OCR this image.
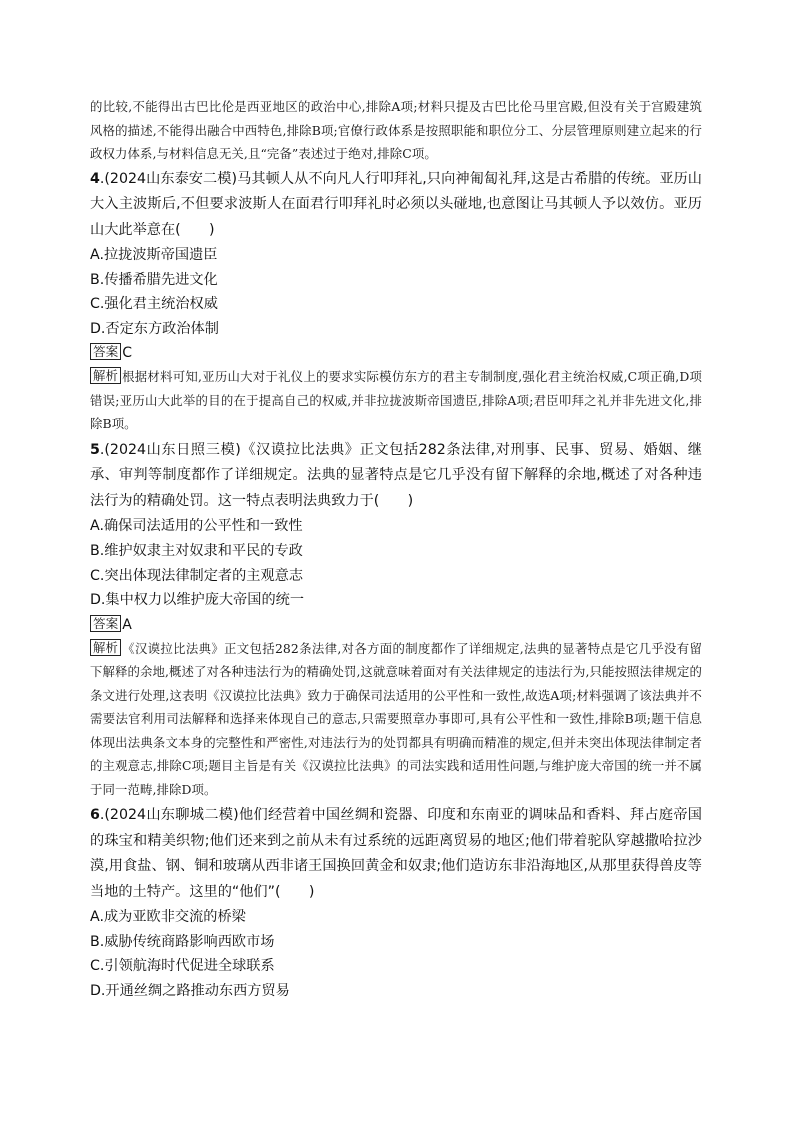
的比较,不能得出古巴比伦是西亚地区的政治中心,排除A项;材料只提及古巴比伦马里宫殿,但没有关于宫殿建筑风格的描述,不能得出融合中西特色,排除B项;官僚行政体系是按照职能和职位分工、分层管理原则建立起来的行政权力体系,与材料信息无关,且“完备”表述过于绝对,排除C项。
4.(2024山东泰安二模)马其顿人从不向凡人行叩拜礼,只向神匍匐礼拜,这是古希腊的传统。亚历山大入主波斯后,不但要求波斯人在面君行叩拜礼时必须以头碰地,也意图让马其顿人予以效仿。亚历山大此举意在(　　)
A.拉拢波斯帝国遗臣
B.传播希腊先进文化
C.强化君主统治权威
D.否定东方政治体制
答案 C
解析 根据材料可知,亚历山大对于礼仪上的要求实际模仿东方的君主专制制度,强化君主统治权威,C项正确,D项错误;亚历山大此举的目的在于提高自己的权威,并非拉拢波斯帝国遗臣,排除A项;君臣叩拜之礼并非先进文化,排除B项。
5.(2024山东日照三模)《汉谟拉比法典》正文包括282条法律,对刑事、民事、贸易、婚姻、继承、审判等制度都作了详细规定。法典的显著特点是它几乎没有留下解释的余地,概述了对各种违法行为的精确处罚。这一特点表明法典致力于(　　)
A.确保司法适用的公平性和一致性
B.维护奴隶主对奴隶和平民的专政
C.突出体现法律制定者的主观意志
D.集中权力以维护庞大帝国的统一
答案 A
解析 《汉谟拉比法典》正文包括282条法律,对各方面的制度都作了详细规定,法典的显著特点是它几乎没有留下解释的余地,概述了对各种违法行为的精确处罚,这就意味着面对有关法律规定的违法行为,只能按照法律规定的条文进行处理,这表明《汉谟拉比法典》致力于确保司法适用的公平性和一致性,故选A项;材料强调了该法典并不需要法官利用司法解释和选择来体现自己的意志,只需要照章办事即可,具有公平性和一致性,排除B项;题干信息体现出法典条文本身的完整性和严密性,对违法行为的处罚都具有明确而精准的规定,但并未突出体现法律制定者的主观意志,排除C项;题目主旨是有关《汉谟拉比法典》的司法实践和适用性问题,与维护庞大帝国的统一并不属于同一范畴,排除D项。
6.(2024山东聊城二模)他们经营着中国丝绸和瓷器、印度和东南亚的调味品和香料、拜占庭帝国的珠宝和精美织物;他们还来到之前从未有过系统的远距离贸易的地区;他们带着驼队穿越撒哈拉沙漠,用食盐、钢、铜和玻璃从西非诸王国换回黄金和奴隶;他们造访东非沿海地区,从那里获得兽皮等当地的土特产。这里的“他们”(　　)
A.成为亚欧非交流的桥梁
B.威胁传统商路影响西欧市场
C.引领航海时代促进全球联系
D.开通丝绸之路推动东西方贸易
